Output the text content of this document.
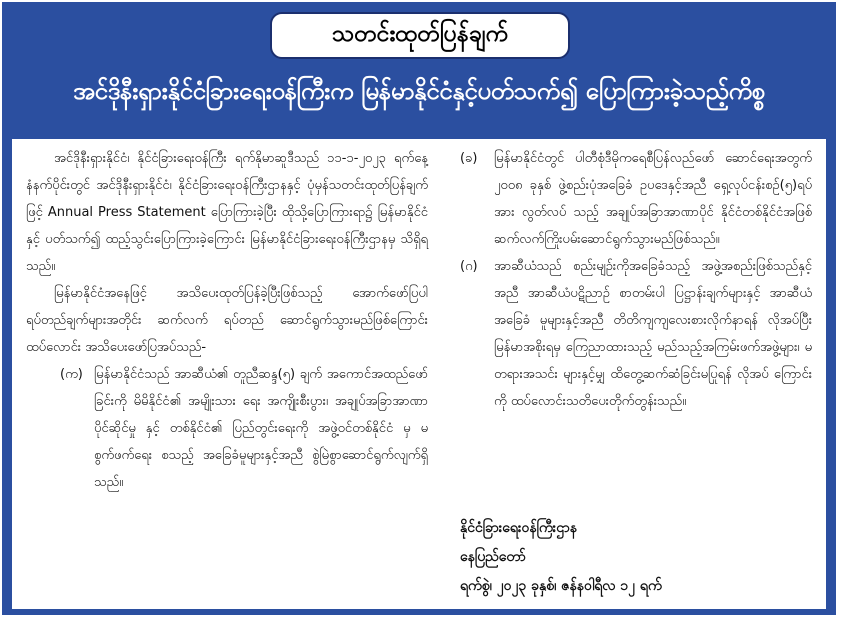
သတင်းထုတ်ပြန်ချက်
အင်ဒိုနီးရှားနိုင်ငံခြားရေးဝန်ကြီးက မြန်မာနိုင်ငံနှင့်ပတ်သက်၍ ပြောကြားခဲ့သည့်ကိစ္စ

အင်ဒိုနီးရှားနိုင်ငံ၊ နိုင်ငံခြားရေးဝန်ကြီး ရက်နိုမာဆူဒီသည် ၁၁-၁-၂၀၂၃ ရက်နေ့ နံနက်ပိုင်းတွင် အင်ဒိုနီးရှားနိုင်ငံ၊ နိုင်ငံခြားရေးဝန်ကြီးဌာနနှင့် ပုံမှန်သတင်းထုတ်ပြန်ချက်ဖြင့် Annual Press Statement ပြောကြားခဲ့ပြီး ထိုသို့ပြောကြားရာ၌ မြန်မာနိုင်ငံနှင့် ပတ်သက်၍ ထည့်သွင်းပြောကြားခဲ့ကြောင်း မြန်မာနိုင်ငံခြားရေးဝန်ကြီးဌာနမှ သိရှိရသည်။

မြန်မာနိုင်ငံအနေဖြင့် အသိပေးထုတ်ပြန်ခဲ့ပြီးဖြစ်သည့် အောက်ဖော်ပြပါ ရပ်တည်ချက်များအတိုင်း ဆက်လက် ရပ်တည် ဆောင်ရွက်သွားမည်ဖြစ်ကြောင်း ထပ်လောင်း အသိပေးဖော်ပြအပ်သည်-

(က) မြန်မာနိုင်ငံသည် အာဆီယံ၏ တူညီဆန္ဒ(၅) ချက် အကောင်အထည်ဖော်ခြင်းကို မိမိနိုင်ငံ၏ အမျိုးသား ရေး အကျိုးစီးပွား၊ အချုပ်အခြာအာဏာပိုင်ဆိုင်မှု နှင့် တစ်နိုင်ငံ၏ ပြည်တွင်းရေးကို အဖွဲ့ဝင်တစ်နိုင်ငံ မှ မစွက်ဖက်ရေး စသည့် အခြေခံမူများနှင့်အညီ စွဲမြဲစွာဆောင်ရွက်လျက်ရှိသည်။
(ခ)	မြန်မာနိုင်ငံတွင် ပါတီစုံဒီမိုကရေစီပြန်လည်ဖော် ဆောင်ရေးအတွက် ၂၀၀၈ ခုနှစ် ဖွဲ့စည်းပုံအခြေခံ ဥပဒေနှင့်အညီ ရှေ့လုပ်ငန်းစဉ်(၅)ရပ်အား လွတ်လပ် သည့် အချုပ်အခြာအာဏာပိုင် နိုင်ငံတစ်နိုင်ငံအဖြစ် ဆက်လက်ကြိုးပမ်းဆောင်ရွက်သွားမည်ဖြစ်သည်။
(ဂ)	အာဆီယံသည် စည်းမျဉ်းကိုအခြေခံသည့် အဖွဲ့အစည်းဖြစ်သည်နှင့်အညီ အာဆီယံပဋိညာဉ် စာတမ်းပါ ပြဋ္ဌာန်းချက်များနှင့် အာဆီယံအခြေခံ မူများနှင့်အညီ တိတိကျကျလေးစားလိုက်နာရန် လိုအပ်ပြီး မြန်မာအစိုးရမှ ကြေညာထားသည့် မည်သည့်အကြမ်းဖက်အဖွဲ့များ၊ မတရားအသင်း များနှင့်မျှ ထိတွေ့ဆက်ဆံခြင်းမပြုရန် လိုအပ် ကြောင်းကို ထပ်လောင်းသတိပေးတိုက်တွန်းသည်။
နိုင်ငံခြားရေးဝန်ကြီးဌာန
နေပြည်တော်
ရက်စွဲ၊ ၂၀၂၃ ခုနှစ်၊ ဇန်နဝါရီလ ၁၂ ရက်
